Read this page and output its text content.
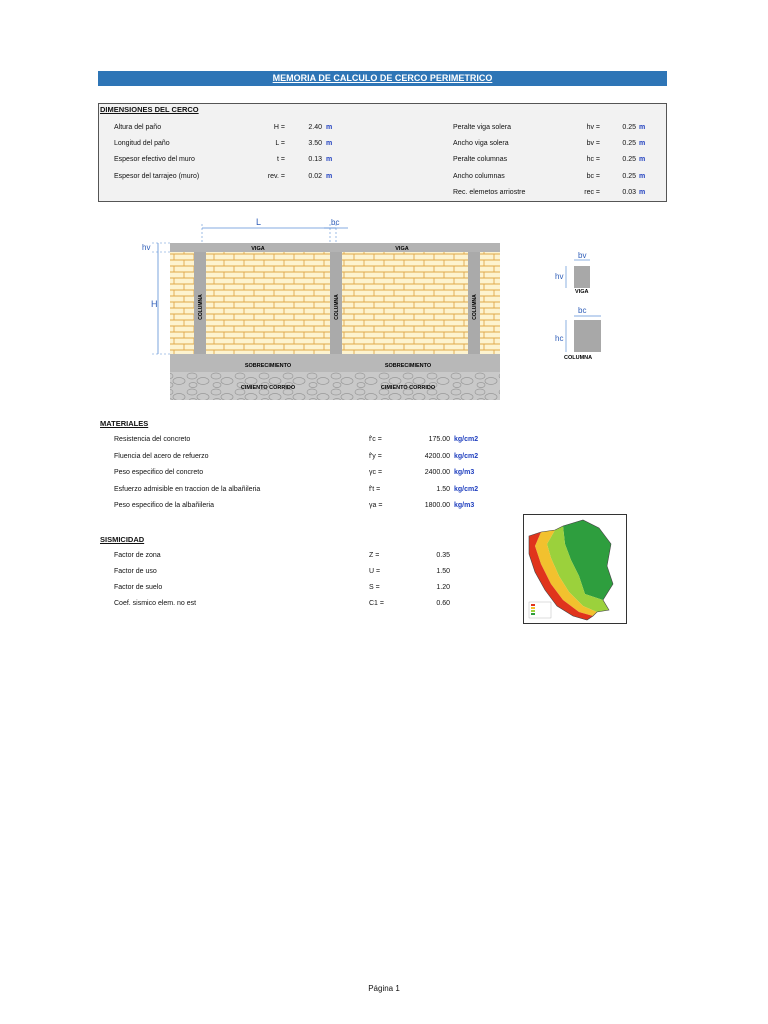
MEMORIA DE CALCULO DE CERCO PERIMETRICO
DIMENSIONES DEL CERCO
Altura del paño	H =	2.40 m
Longitud del paño	L =	3.50 m
Espesor efectivo del muro	t =	0.13 m
Espesor del tarrajeo (muro)	rev. =	0.02 m
Peralte viga solera	hv =	0.25 m
Ancho viga solera	bv =	0.25 m
Peralte columnas	hc =	0.25 m
Ancho columnas	bc =	0.25 m
Rec. elemetos arriostre	rec =	0.03 m
L	bc
hv
H
VIGA	VIGA
COLUMNA	COLUMNA	COLUMNA
SOBRECIMIENTO	SOBRECIMIENTO
CIMIENTO CORRIDO	CIMIENTO CORRIDO
bv
hv
VIGA
bc
hc
COLUMNA
MATERIALES
Resistencia del concreto	f'c =	175.00 kg/cm2
Fluencia del acero de refuerzo	f'y =	4200.00 kg/cm2
Peso especifico del concreto	γc =	2400.00 kg/m3
Esfuerzo admisible en traccion de la albañileria	f't =	1.50 kg/cm2
Peso especifico de la albañileria	γa =	1800.00 kg/m3
SISMICIDAD
Factor de zona	Z =	0.35
Factor de uso	U =	1.50
Factor de suelo	S =	1.20
Coef. sismico elem. no est	C1 =	0.60
Página 1
